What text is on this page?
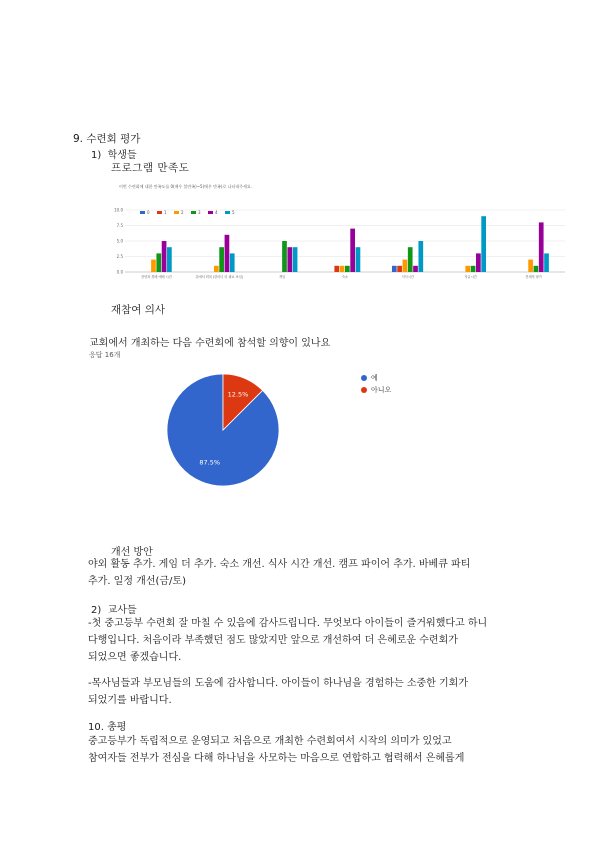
9. 수련회 평가
1)  학생들
프로그램 만족도
이번 수련회에 대한 만족도를 0(매우 불만족)~5(매우 만족)로 나타내주세요.
0	1	2	3	4	5
0.0
2.5
5.0
7.5
10.0
찬양과 경배 예배 시간	뒤에서 회복 (한마디 더 필요 보임)	게임	숙소	식사시간	자유시간	전체적 평가
재참여 의사
교회에서 개최하는 다음 수련회에 참석할 의향이 있나요
응답 16개
87.5%
12.5%
예
아니오
개선 방안
야외 활동 추가. 게임 더 추가. 숙소 개선. 식사 시간 개선. 캠프 파이어 추가. 바베큐 파티
추가. 일정 개선(금/토)
2)  교사들
-첫 중고등부 수련회 잘 마칠 수 있음에 감사드립니다. 무엇보다 아이들이 즐거워했다고 하니
다행입니다. 처음이라 부족했던 점도 많았지만 앞으로 개선하여 더 은혜로운 수련회가
되었으면 좋겠습니다.
-목사님들과 부모님들의 도움에 감사합니다. 아이들이 하나님을 경험하는 소중한 기회가
되었기를 바랍니다.
10. 총평
중고등부가 독립적으로 운영되고 처음으로 개최한 수련회여서 시작의 의미가 있었고
참여자들 전부가 전심을 다해 하나님을 사모하는 마음으로 연합하고 협력해서 은혜롭게
